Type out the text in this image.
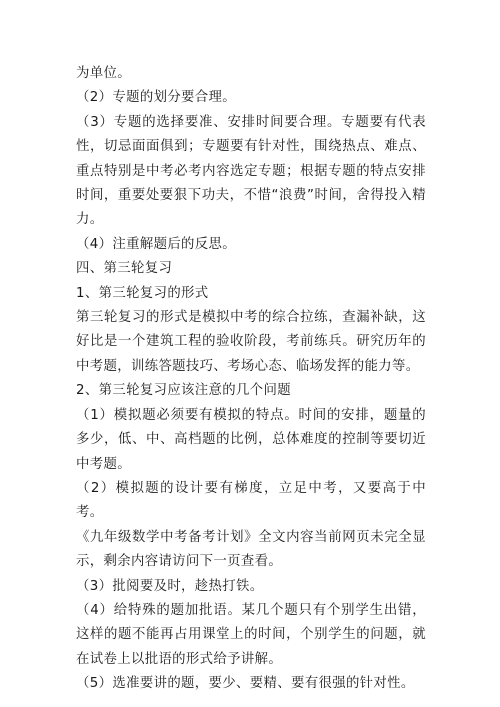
为单位。

（2）专题的划分要合理。

（3）专题的选择要准、安排时间要合理。专题要有代表性，切忌面面俱到；专题要有针对性，围绕热点、难点、重点特别是中考必考内容选定专题；根据专题的特点安排时间，重要处要狠下功夫，不惜“浪费”时间，舍得投入精力。

（4）注重解题后的反思。

四、第三轮复习

1、第三轮复习的形式

第三轮复习的形式是模拟中考的综合拉练，查漏补缺，这好比是一个建筑工程的验收阶段，考前练兵。研究历年的中考题，训练答题技巧、考场心态、临场发挥的能力等。

2、第三轮复习应该注意的几个问题

（1）模拟题必须要有模拟的特点。时间的安排，题量的多少，低、中、高档题的比例，总体难度的控制等要切近中考题。

（2）模拟题的设计要有梯度，立足中考，又要高于中考。

《九年级数学中考备考计划》全文内容当前网页未完全显示，剩余内容请访问下一页查看。

（3）批阅要及时，趁热打铁。

（4）给特殊的题加批语。某几个题只有个别学生出错，这样的题不能再占用课堂上的时间，个别学生的问题，就在试卷上以批语的形式给予讲解。

（5）选准要讲的题，要少、要精、要有很强的针对性。
